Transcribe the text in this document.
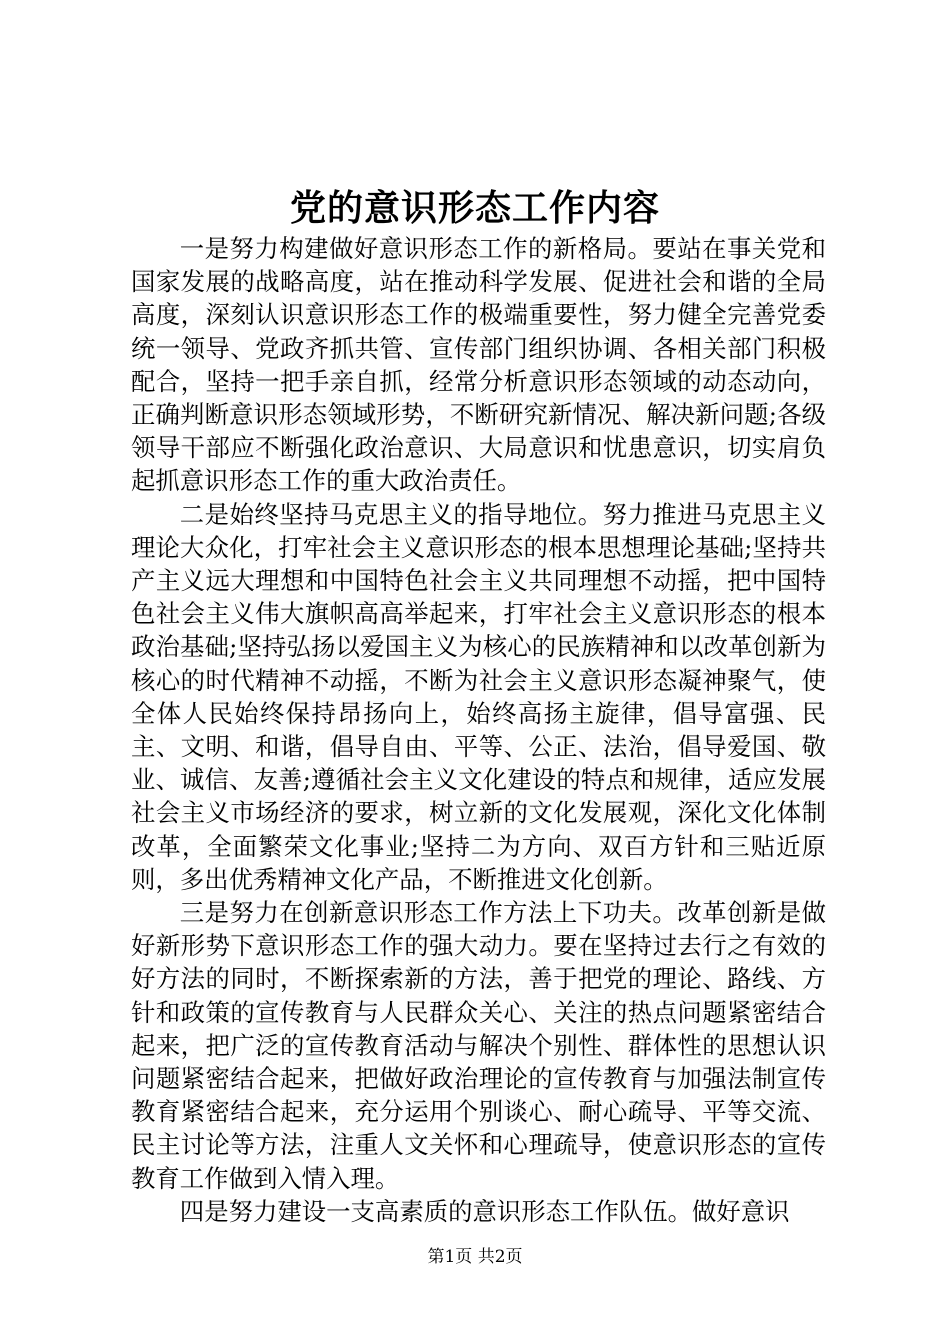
党的意识形态工作内容

一是努力构建做好意识形态工作的新格局。要站在事关党和国家发展的战略高度，站在推动科学发展、促进社会和谐的全局高度，深刻认识意识形态工作的极端重要性，努力健全完善党委统一领导、党政齐抓共管、宣传部门组织协调、各相关部门积极配合，坚持一把手亲自抓，经常分析意识形态领域的动态动向，正确判断意识形态领域形势，不断研究新情况、解决新问题;各级领导干部应不断强化政治意识、大局意识和忧患意识，切实肩负起抓意识形态工作的重大政治责任。

二是始终坚持马克思主义的指导地位。努力推进马克思主义理论大众化，打牢社会主义意识形态的根本思想理论基础;坚持共产主义远大理想和中国特色社会主义共同理想不动摇，把中国特色社会主义伟大旗帜高高举起来，打牢社会主义意识形态的根本政治基础;坚持弘扬以爱国主义为核心的民族精神和以改革创新为核心的时代精神不动摇，不断为社会主义意识形态凝神聚气，使全体人民始终保持昂扬向上，始终高扬主旋律，倡导富强、民主、文明、和谐，倡导自由、平等、公正、法治，倡导爱国、敬业、诚信、友善;遵循社会主义文化建设的特点和规律，适应发展社会主义市场经济的要求，树立新的文化发展观，深化文化体制改革，全面繁荣文化事业;坚持二为方向、双百方针和三贴近原则，多出优秀精神文化产品，不断推进文化创新。

三是努力在创新意识形态工作方法上下功夫。改革创新是做好新形势下意识形态工作的强大动力。要在坚持过去行之有效的好方法的同时，不断探索新的方法，善于把党的理论、路线、方针和政策的宣传教育与人民群众关心、关注的热点问题紧密结合起来，把广泛的宣传教育活动与解决个别性、群体性的思想认识问题紧密结合起来，把做好政治理论的宣传教育与加强法制宣传教育紧密结合起来，充分运用个别谈心、耐心疏导、平等交流、民主讨论等方法，注重人文关怀和心理疏导，使意识形态的宣传教育工作做到入情入理。

四是努力建设一支高素质的意识形态工作队伍。做好意识

第1页 共2页
